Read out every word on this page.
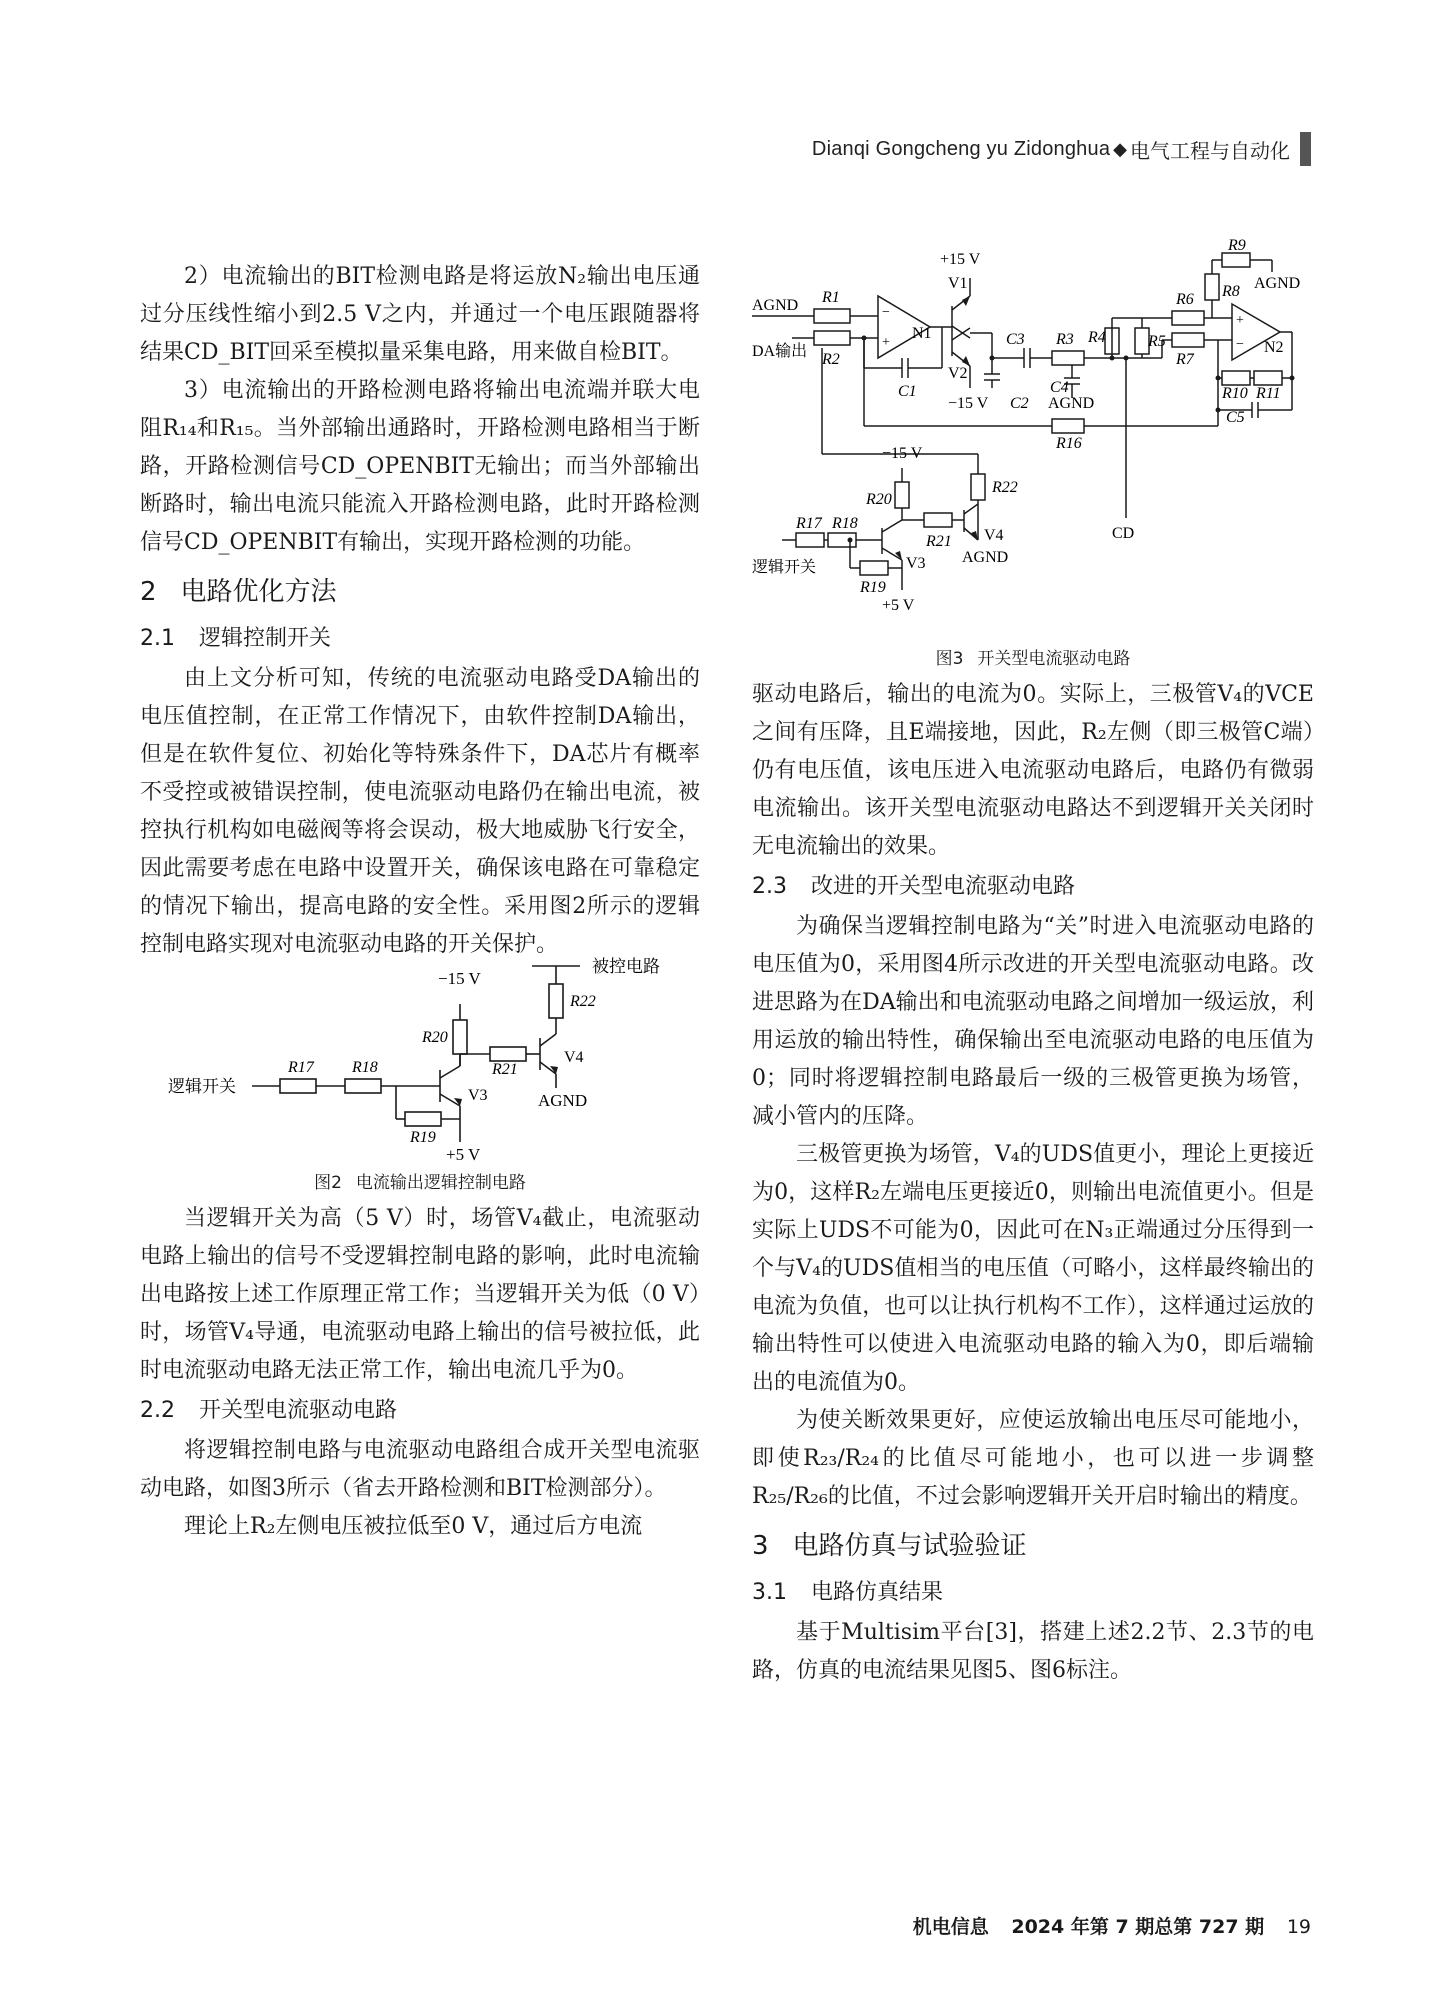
Dianqi Gongcheng yu Zidonghua ◆ 电气工程与自动化

2）电流输出的BIT检测电路是将运放N₂输出电压通过分压线性缩小到2.5 V之内，并通过一个电压跟随器将结果CD_BIT回采至模拟量采集电路，用来做自检BIT。

3）电流输出的开路检测电路将输出电流端并联大电阻R₁₄和R₁₅。当外部输出通路时，开路检测电路相当于断路，开路检测信号CD_OPENBIT无输出；而当外部输出断路时，输出电流只能流入开路检测电路，此时开路检测信号CD_OPENBIT有输出，实现开路检测的功能。

2 电路优化方法
2.1 逻辑控制开关

由上文分析可知，传统的电流驱动电路受DA输出的电压值控制，在正常工作情况下，由软件控制DA输出，但是在软件复位、初始化等特殊条件下，DA芯片有概率不受控或被错误控制，使电流驱动电路仍在输出电流，被控执行机构如电磁阀等将会误动，极大地威胁飞行安全，因此需要考虑在电路中设置开关，确保该电路在可靠稳定的情况下输出，提高电路的安全性。采用图2所示的逻辑控制电路实现对电流驱动电路的开关保护。

−15 V
被控电路
逻辑开关
R17 R18
R19
R20
R21
R22
V3
V4
AGND
+5 V
图2 电流输出逻辑控制电路

当逻辑开关为高（5 V）时，场管V₄截止，电流驱动电路上输出的信号不受逻辑控制电路的影响，此时电流输出电路按上述工作原理正常工作；当逻辑开关为低（0 V）时，场管V₄导通，电流驱动电路上输出的信号被拉低，此时电流驱动电路无法正常工作，输出电流几乎为0。

2.2 开关型电流驱动电路

将逻辑控制电路与电流驱动电路组合成开关型电流驱动电路，如图3所示（省去开路检测和BIT检测部分）。

理论上R₂左侧电压被拉低至0 V，通过后方电流

+15 V
AGND
DA输出
R1
R2
−
+
N1
C1
V1
V2
C3 R3 R4	R5
C4
−15 V C2 AGND
R6
R7
R8
R9
AGND
+
− N2
R10 R11
C5
R16
CD
−15 V
R20
R22
R21 V4
AGND
R17 R18
逻辑开关	V3
R19
+5 V
图3 开关型电流驱动电路

驱动电路后，输出的电流为0。实际上，三极管V₄的VCE之间有压降，且E端接地，因此，R₂左侧（即三极管C端）仍有电压值，该电压进入电流驱动电路后，电路仍有微弱电流输出。该开关型电流驱动电路达不到逻辑开关关闭时无电流输出的效果。

2.3 改进的开关型电流驱动电路

为确保当逻辑控制电路为“关”时进入电流驱动电路的电压值为0，采用图4所示改进的开关型电流驱动电路。改进思路为在DA输出和电流驱动电路之间增加一级运放，利用运放的输出特性，确保输出至电流驱动电路的电压值为0；同时将逻辑控制电路最后一级的三极管更换为场管，减小管内的压降。

三极管更换为场管，V₄的UDS值更小，理论上更接近为0，这样R₂左端电压更接近0，则输出电流值更小。但是实际上UDS不可能为0，因此可在N₃正端通过分压得到一个与V₄的UDS值相当的电压值（可略小，这样最终输出的电流为负值，也可以让执行机构不工作），这样通过运放的输出特性可以使进入电流驱动电路的输入为0，即后端输出的电流值为0。

为使关断效果更好，应使运放输出电压尽可能地小，即使R₂₃/R₂₄的比值尽可能地小，也可以进一步调整R₂₅/R₂₆的比值，不过会影响逻辑开关开启时输出的精度。

3 电路仿真与试验验证
3.1 电路仿真结果

基于Multisim平台[3]，搭建上述2.2节、2.3节的电路，仿真的电流结果见图5、图6标注。

机电信息 2024 年第 7 期总第 727 期 19
